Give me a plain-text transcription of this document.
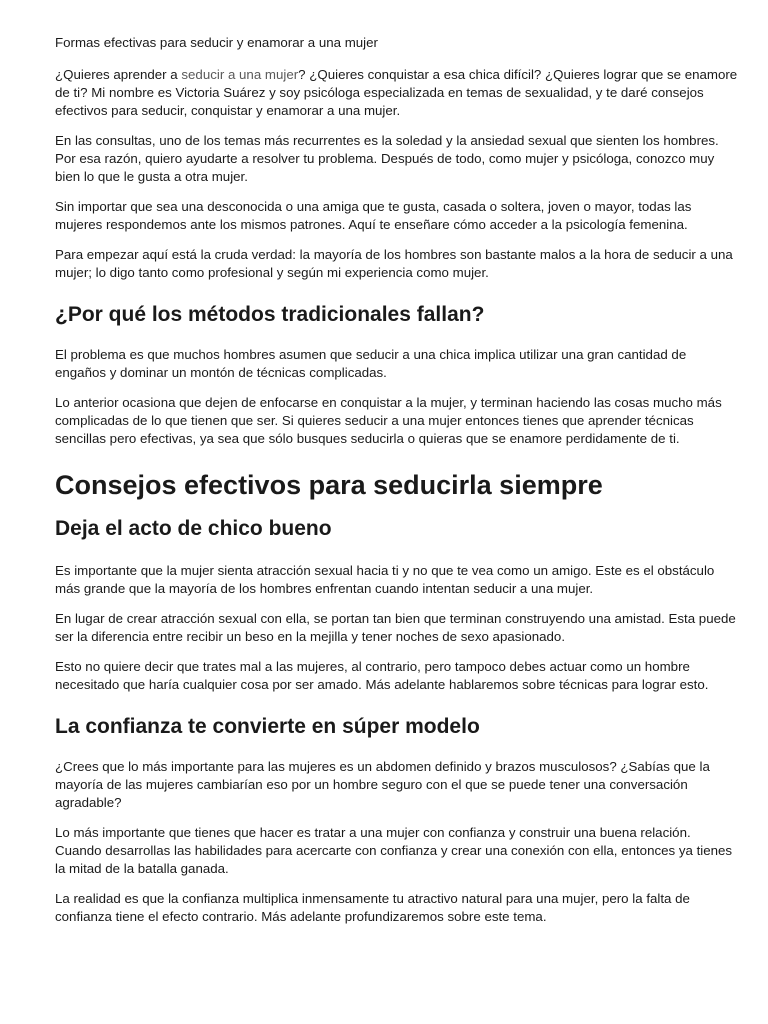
Formas efectivas para seducir y enamorar a una mujer

¿Quieres aprender a seducir a una mujer? ¿Quieres conquistar a esa chica difícil? ¿Quieres lograr que se enamore de ti? Mi nombre es Victoria Suárez y soy psicóloga especializada en temas de sexualidad, y te daré consejos efectivos para seducir, conquistar y enamorar a una mujer.

En las consultas, uno de los temas más recurrentes es la soledad y la ansiedad sexual que sienten los hombres. Por esa razón, quiero ayudarte a resolver tu problema. Después de todo, como mujer y psicóloga, conozco muy bien lo que le gusta a otra mujer.

Sin importar que sea una desconocida o una amiga que te gusta, casada o soltera, joven o mayor, todas las mujeres respondemos ante los mismos patrones. Aquí te enseñare cómo acceder a la psicología femenina.

Para empezar aquí está la cruda verdad: la mayoría de los hombres son bastante malos a la hora de seducir a una mujer; lo digo tanto como profesional y según mi experiencia como mujer.

¿Por qué los métodos tradicionales fallan?

El problema es que muchos hombres asumen que seducir a una chica implica utilizar una gran cantidad de engaños y dominar un montón de técnicas complicadas.

Lo anterior ocasiona que dejen de enfocarse en conquistar a la mujer, y terminan haciendo las cosas mucho más complicadas de lo que tienen que ser. Si quieres seducir a una mujer entonces tienes que aprender técnicas sencillas pero efectivas, ya sea que sólo busques seducirla o quieras que se enamore perdidamente de ti.

Consejos efectivos para seducirla siempre
Deja el acto de chico bueno

Es importante que la mujer sienta atracción sexual hacia ti y no que te vea como un amigo. Este es el obstáculo más grande que la mayoría de los hombres enfrentan cuando intentan seducir a una mujer.

En lugar de crear atracción sexual con ella, se portan tan bien que terminan construyendo una amistad. Esta puede ser la diferencia entre recibir un beso en la mejilla y tener noches de sexo apasionado.

Esto no quiere decir que trates mal a las mujeres, al contrario, pero tampoco debes actuar como un hombre necesitado que haría cualquier cosa por ser amado. Más adelante hablaremos sobre técnicas para lograr esto.

La confianza te convierte en súper modelo

¿Crees que lo más importante para las mujeres es un abdomen definido y brazos musculosos? ¿Sabías que la mayoría de las mujeres cambiarían eso por un hombre seguro con el que se puede tener una conversación agradable?

Lo más importante que tienes que hacer es tratar a una mujer con confianza y construir una buena relación. Cuando desarrollas las habilidades para acercarte con confianza y crear una conexión con ella, entonces ya tienes la mitad de la batalla ganada.

La realidad es que la confianza multiplica inmensamente tu atractivo natural para una mujer, pero la falta de confianza tiene el efecto contrario. Más adelante profundizaremos sobre este tema.
